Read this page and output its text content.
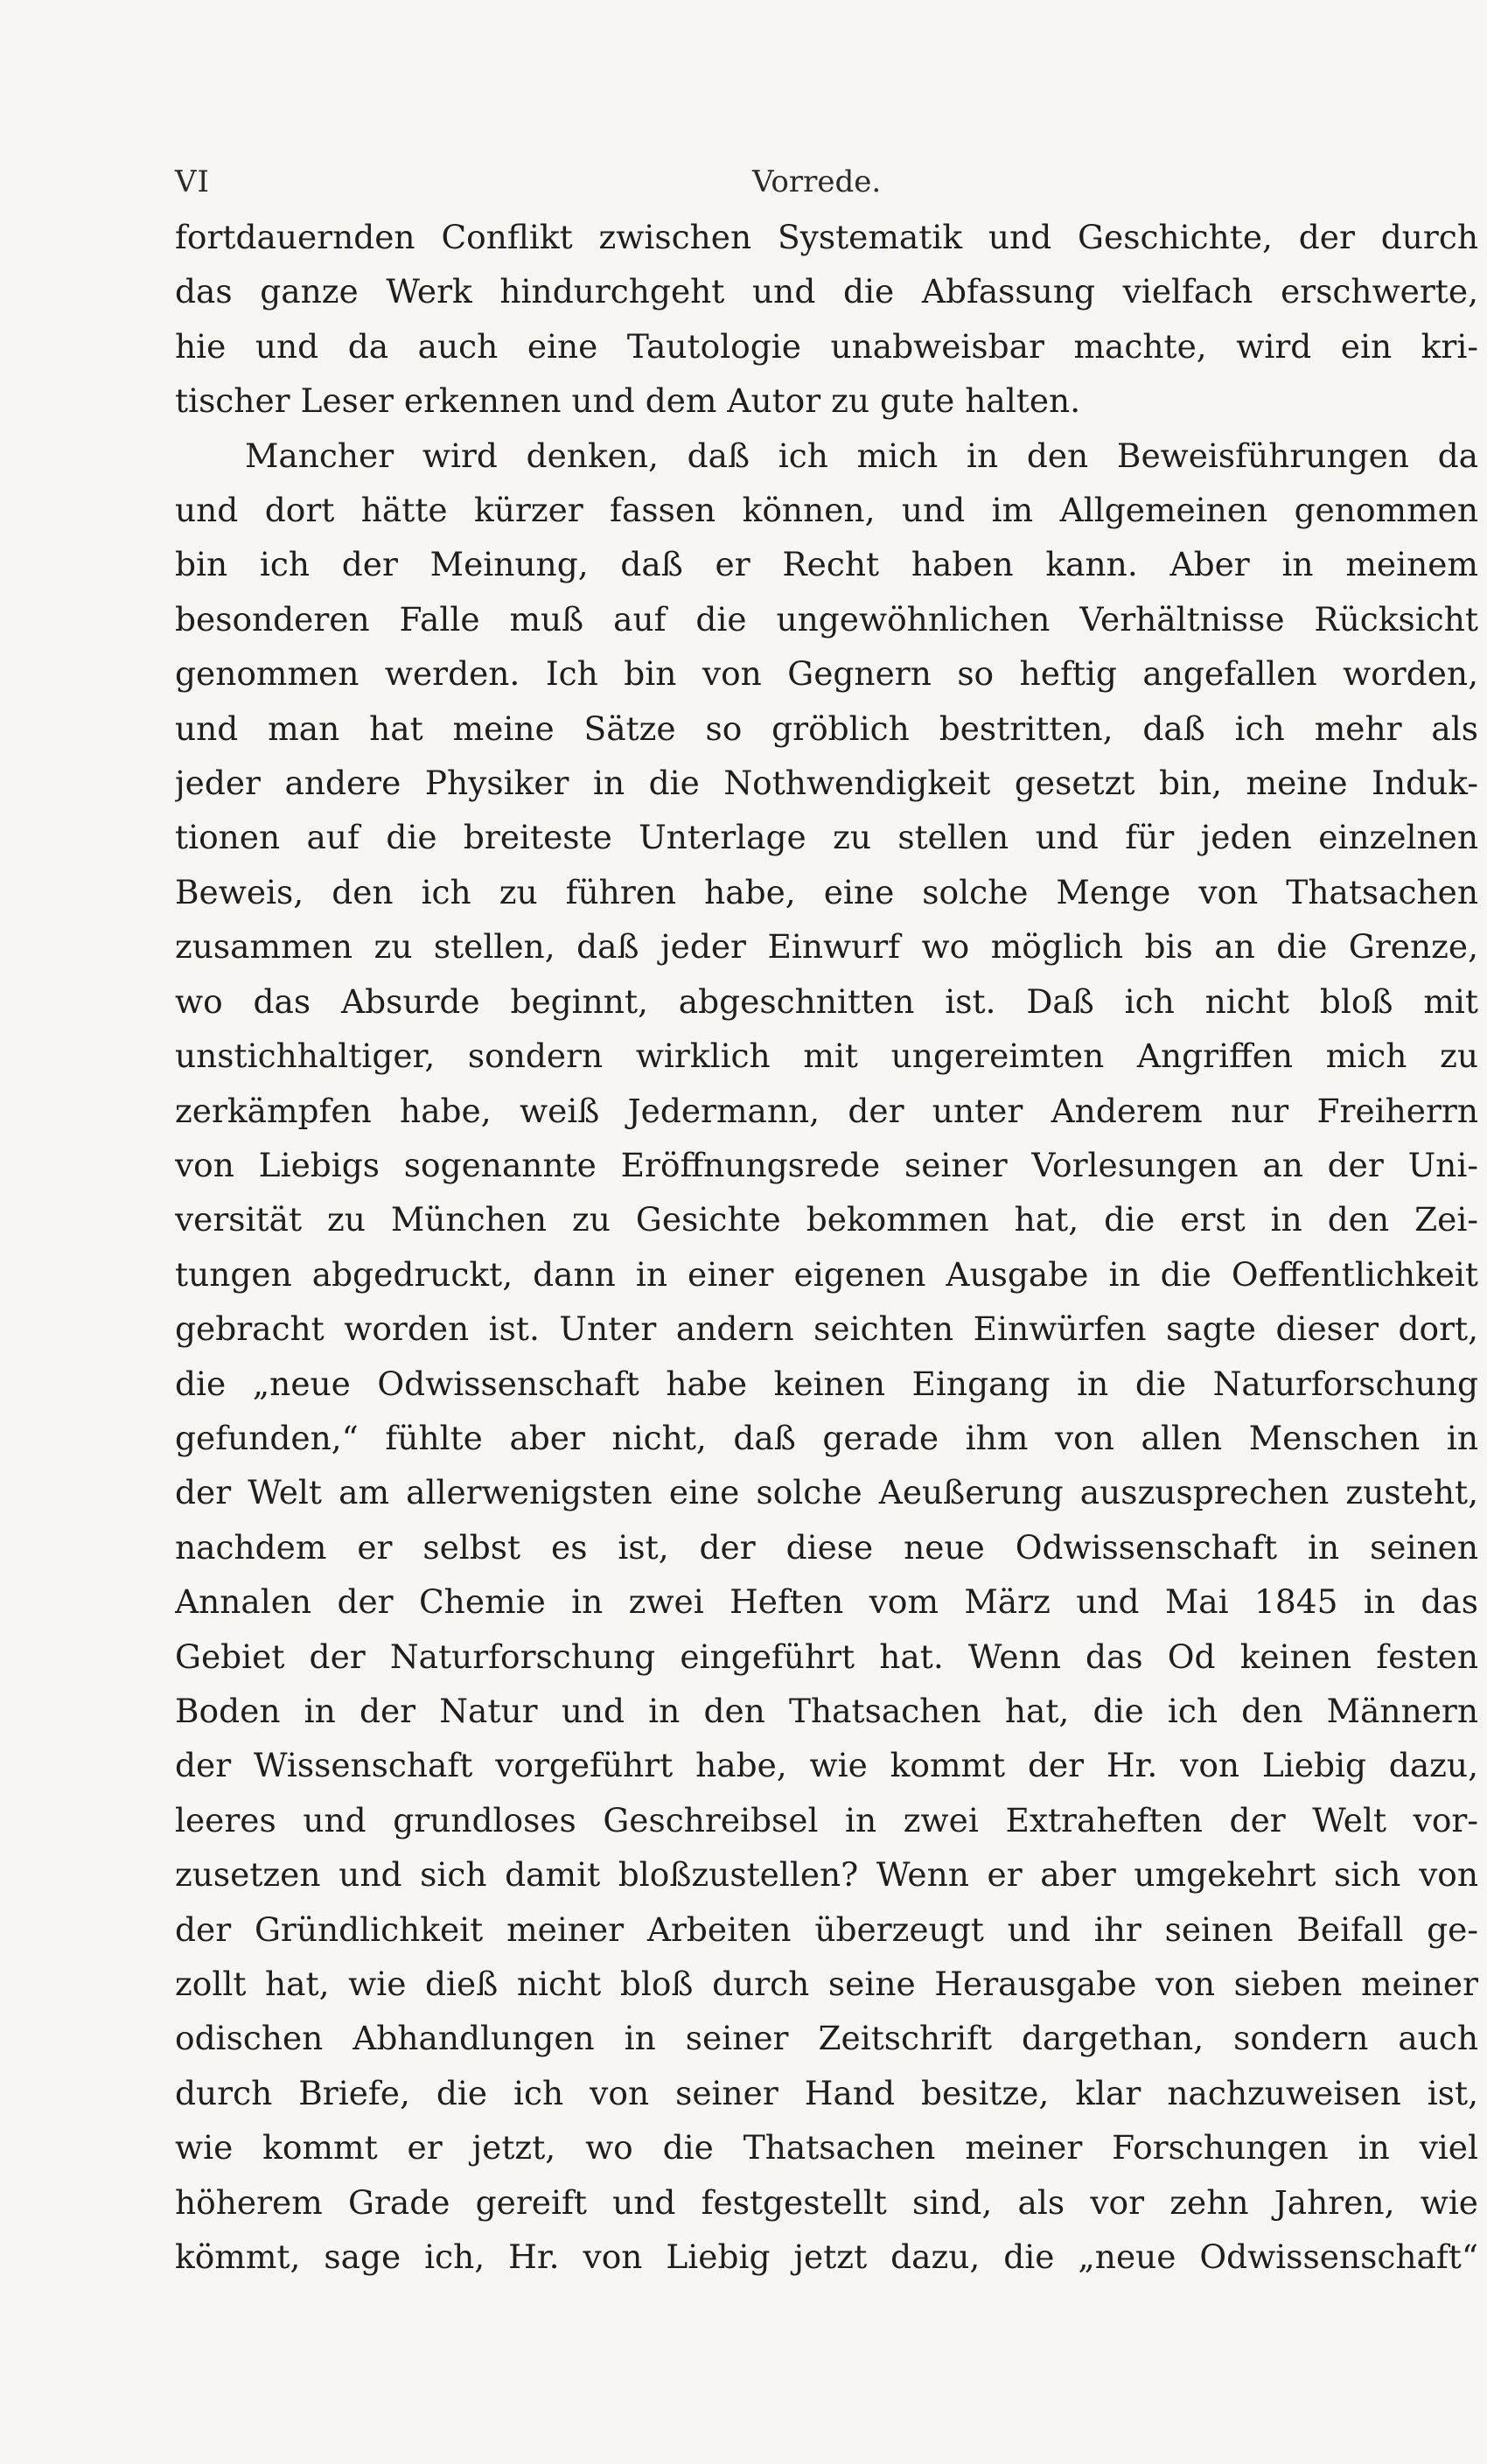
VI	Vorrede.
fortdauernden Conflikt zwischen Systematik und Geschichte, der durch
das ganze Werk hindurchgeht und die Abfassung vielfach erschwerte,
hie und da auch eine Tautologie unabweisbar machte, wird ein kri-
tischer Leser erkennen und dem Autor zu gute halten.
Mancher wird denken, daß ich mich in den Beweisführungen da
und dort hätte kürzer fassen können, und im Allgemeinen genommen
bin ich der Meinung, daß er Recht haben kann. Aber in meinem
besonderen Falle muß auf die ungewöhnlichen Verhältnisse Rücksicht
genommen werden. Ich bin von Gegnern so heftig angefallen worden,
und man hat meine Sätze so gröblich bestritten, daß ich mehr als
jeder andere Physiker in die Nothwendigkeit gesetzt bin, meine Induk-
tionen auf die breiteste Unterlage zu stellen und für jeden einzelnen
Beweis, den ich zu führen habe, eine solche Menge von Thatsachen
zusammen zu stellen, daß jeder Einwurf wo möglich bis an die Grenze,
wo das Absurde beginnt, abgeschnitten ist. Daß ich nicht bloß mit
unstichhaltiger, sondern wirklich mit ungereimten Angriffen mich zu
zerkämpfen habe, weiß Jedermann, der unter Anderem nur Freiherrn
von Liebigs sogenannte Eröffnungsrede seiner Vorlesungen an der Uni-
versität zu München zu Gesichte bekommen hat, die erst in den Zei-
tungen abgedruckt, dann in einer eigenen Ausgabe in die Oeffentlichkeit
gebracht worden ist. Unter andern seichten Einwürfen sagte dieser dort,
die „neue Odwissenschaft habe keinen Eingang in die Naturforschung
gefunden,“ fühlte aber nicht, daß gerade ihm von allen Menschen in
der Welt am allerwenigsten eine solche Aeußerung auszusprechen zusteht,
nachdem er selbst es ist, der diese neue Odwissenschaft in seinen
Annalen der Chemie in zwei Heften vom März und Mai 1845 in das
Gebiet der Naturforschung eingeführt hat. Wenn das Od keinen festen
Boden in der Natur und in den Thatsachen hat, die ich den Männern
der Wissenschaft vorgeführt habe, wie kommt der Hr. von Liebig dazu,
leeres und grundloses Geschreibsel in zwei Extraheften der Welt vor-
zusetzen und sich damit bloßzustellen? Wenn er aber umgekehrt sich von
der Gründlichkeit meiner Arbeiten überzeugt und ihr seinen Beifall ge-
zollt hat, wie dieß nicht bloß durch seine Herausgabe von sieben meiner
odischen Abhandlungen in seiner Zeitschrift dargethan, sondern auch
durch Briefe, die ich von seiner Hand besitze, klar nachzuweisen ist,
wie kommt er jetzt, wo die Thatsachen meiner Forschungen in viel
höherem Grade gereift und festgestellt sind, als vor zehn Jahren, wie
kömmt, sage ich, Hr. von Liebig jetzt dazu, die „neue Odwissenschaft“
